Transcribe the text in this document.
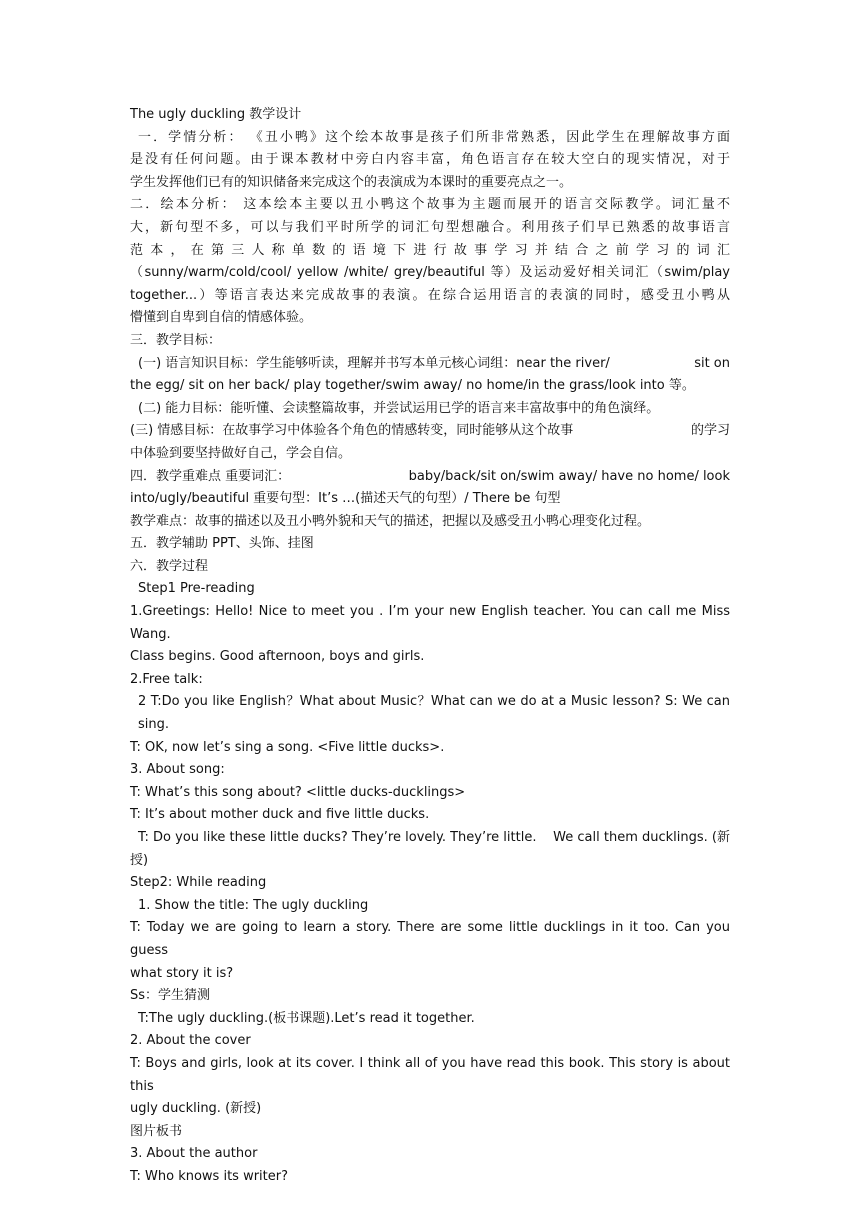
The ugly duckling 教学设计

一．学情分析： 《丑小鸭》这个绘本故事是孩子们所非常熟悉，因此学生在理解故事方面

是没有任何问题。由于课本教材中旁白内容丰富，角色语言存在较大空白的现实情况，对于

学生发挥他们已有的知识储备来完成这个的表演成为本课时的重要亮点之一。

二．绘本分析： 这本绘本主要以丑小鸭这个故事为主题而展开的语言交际教学。词汇量不

大，新句型不多，可以与我们平时所学的词汇句型想融合。利用孩子们早已熟悉的故事语言

范本，在第三人称单数的语境下进行故事学习并结合之前学习的词汇

（sunny/warm/cold/cool/ yellow /white/ grey/beautiful 等）及运动爱好相关词汇（swim/play

together...）等语言表达来完成故事的表演。在综合运用语言的表演的同时，感受丑小鸭从

懵懂到自卑到自信的情感体验。

三．教学目标：

(一) 语言知识目标：学生能够听读，理解并书写本单元核心词组：near the river/	sit on

the egg/ sit on her back/ play together/swim away/ no home/in the grass/look into 等。

(二) 能力目标：能听懂、会读整篇故事，并尝试运用已学的语言来丰富故事中的角色演绎。

(三) 情感目标：在故事学习中体验各个角色的情感转变，同时能够从这个故事	的学习

中体验到要坚持做好自己，学会自信。

四．教学重难点 重要词汇：	baby/back/sit on/swim away/ have no home/ look

into/ugly/beautiful 重要句型：It’s …(描述天气的句型）/ There be 句型

教学难点：故事的描述以及丑小鸭外貌和天气的描述，把握以及感受丑小鸭心理变化过程。

五．教学辅助 PPT、头饰、挂图

六．教学过程

Step1 Pre-reading

1.Greetings: Hello! Nice to meet you . I’m your new English teacher. You can call me Miss Wang.

Class begins. Good afternoon, boys and girls.

2.Free talk:

2 T:Do you like English？What about Music？What can we do at a Music lesson? S: We can sing.

T: OK, now let’s sing a song. <Five little ducks>.

3. About song:

T: What’s this song about? <little ducks-ducklings>

T: It’s about mother duck and five little ducks.

T: Do you like these little ducks? They’re lovely. They’re little. We call them ducklings. (新

授)

Step2: While reading

1. Show the title: The ugly duckling

T: Today we are going to learn a story. There are some little ducklings in it too. Can you guess

what story it is?

Ss：学生猜测

T:The ugly duckling.(板书课题).Let’s read it together.

2. About the cover

T: Boys and girls, look at its cover. I think all of you have read this book. This story is about this

ugly duckling. (新授)

图片板书

3. About the author

T: Who knows its writer?
